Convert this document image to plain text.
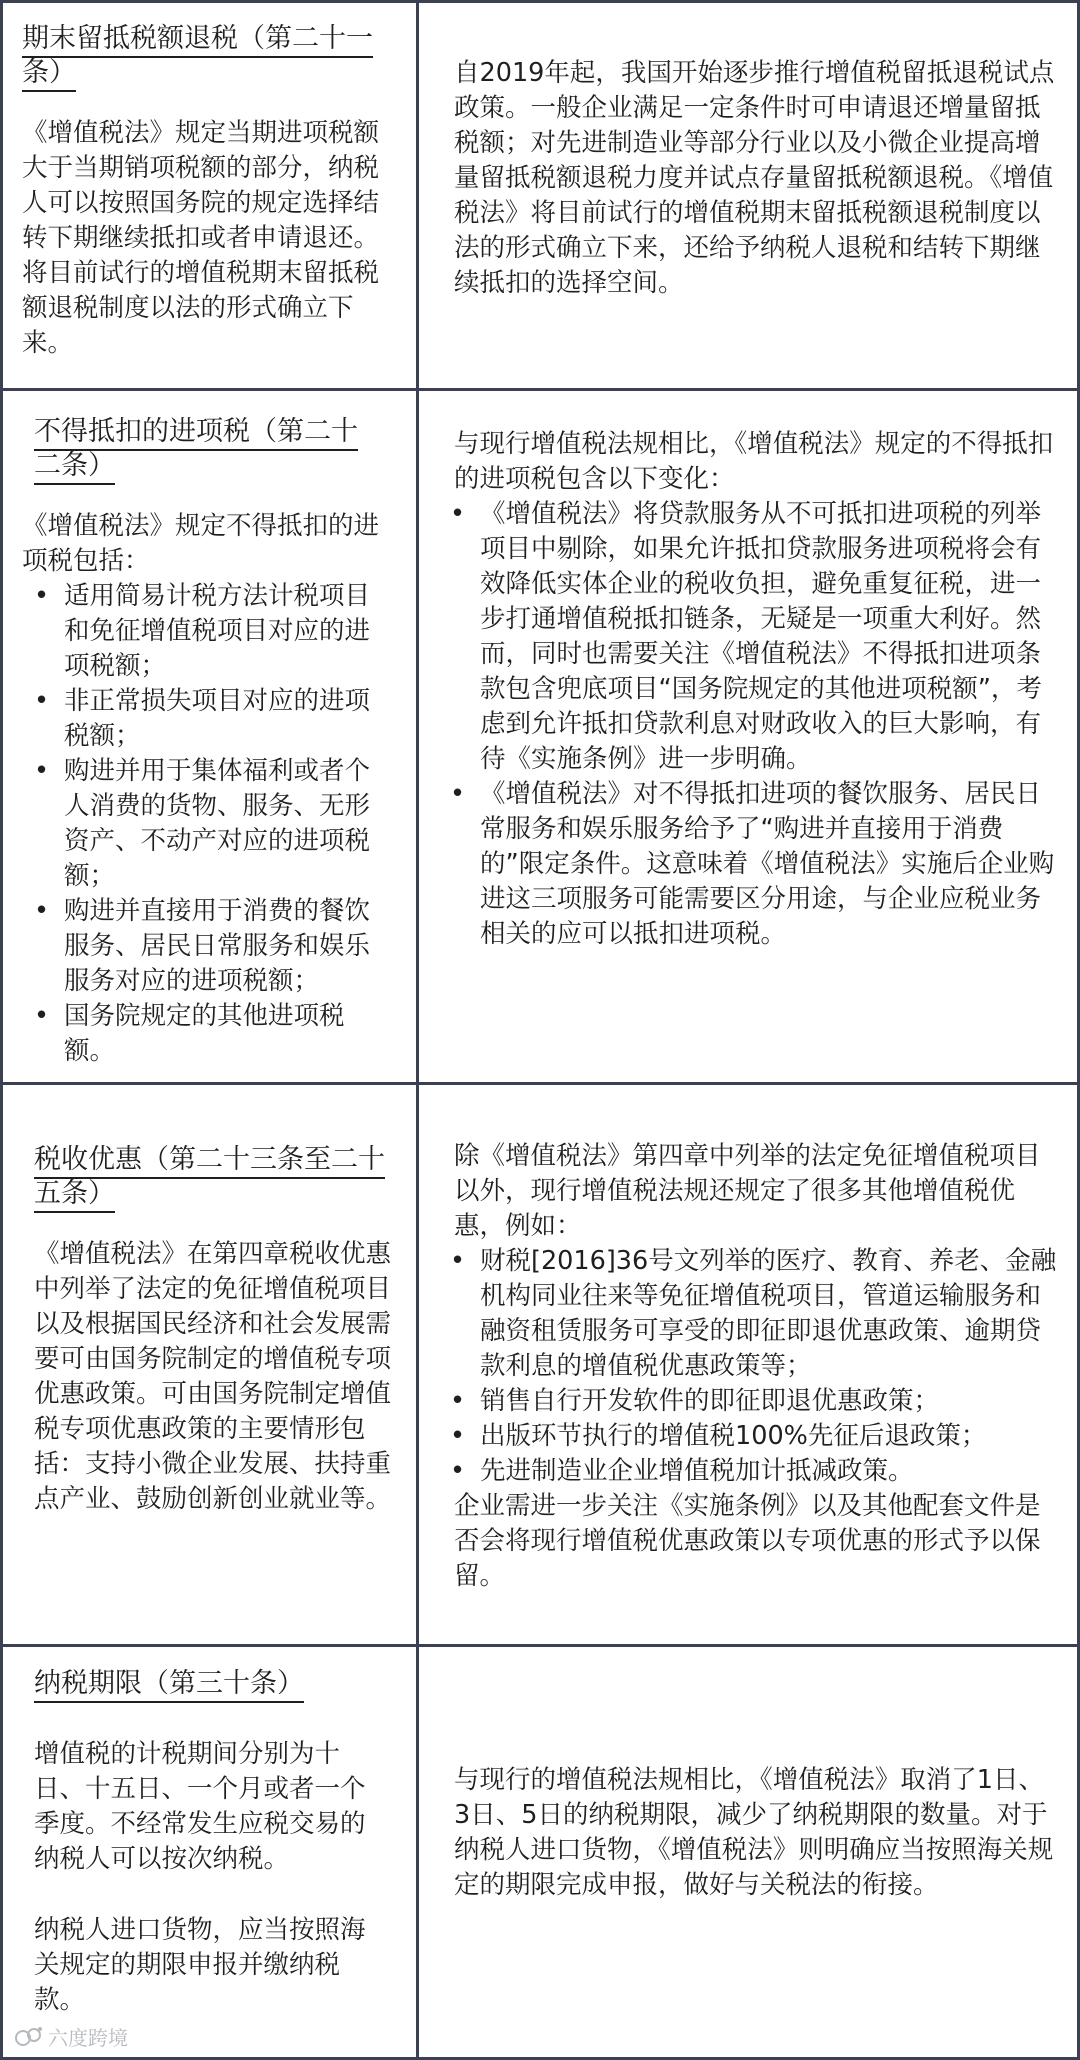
期末留抵税额退税（第二十一条）

《增值税法》规定当期进项税额大于当期销项税额的部分，纳税人可以按照国务院的规定选择结转下期继续抵扣或者申请退还。将目前试行的增值税期末留抵税额退税制度以法的形式确立下来。

自2019年起，我国开始逐步推行增值税留抵退税试点政策。一般企业满足一定条件时可申请退还增量留抵税额；对先进制造业等部分行业以及小微企业提高增量留抵税额退税力度并试点存量留抵税额退税。《增值税法》将目前试行的增值税期末留抵税额退税制度以法的形式确立下来，还给予纳税人退税和结转下期继续抵扣的选择空间。

不得抵扣的进项税（第二十二条）

《增值税法》规定不得抵扣的进项税包括：

• 适用简易计税方法计税项目和免征增值税项目对应的进项税额；
• 非正常损失项目对应的进项税额；
• 购进并用于集体福利或者个人消费的货物、服务、无形资产、不动产对应的进项税额；
• 购进并直接用于消费的餐饮服务、居民日常服务和娱乐服务对应的进项税额；
• 国务院规定的其他进项税额。

与现行增值税法规相比，《增值税法》规定的不得抵扣的进项税包含以下变化：

• 《增值税法》将贷款服务从不可抵扣进项税的列举项目中剔除，如果允许抵扣贷款服务进项税将会有效降低实体企业的税收负担，避免重复征税，进一步打通增值税抵扣链条，无疑是一项重大利好。然而，同时也需要关注《增值税法》不得抵扣进项条款包含兜底项目“国务院规定的其他进项税额”，考虑到允许抵扣贷款利息对财政收入的巨大影响，有待《实施条例》进一步明确。
• 《增值税法》对不得抵扣进项的餐饮服务、居民日常服务和娱乐服务给予了“购进并直接用于消费的”限定条件。这意味着《增值税法》实施后企业购进这三项服务可能需要区分用途，与企业应税业务相关的应可以抵扣进项税。
税收优惠（第二十三条至二十五条）

《增值税法》在第四章税收优惠中列举了法定的免征增值税项目以及根据国民经济和社会发展需要可由国务院制定的增值税专项优惠政策。可由国务院制定增值税专项优惠政策的主要情形包括：支持小微企业发展、扶持重点产业、鼓励创新创业就业等。

除《增值税法》第四章中列举的法定免征增值税项目以外，现行增值税法规还规定了很多其他增值税优惠，例如：

• 财税[2016]36号文列举的医疗、教育、养老、金融机构同业往来等免征增值税项目，管道运输服务和融资租赁服务可享受的即征即退优惠政策、逾期贷款利息的增值税优惠政策等；
• 销售自行开发软件的即征即退优惠政策；
• 出版环节执行的增值税100%先征后退政策；
• 先进制造业企业增值税加计抵减政策。

企业需进一步关注《实施条例》以及其他配套文件是否会将现行增值税优惠政策以专项优惠的形式予以保留。

纳税期限（第三十条）

增值税的计税期间分别为十日、十五日、一个月或者一个季度。不经常发生应税交易的纳税人可以按次纳税。

纳税人进口货物，应当按照海关规定的期限申报并缴纳税款。

与现行的增值税法规相比，《增值税法》取消了1日、3日、5日的纳税期限，减少了纳税期限的数量。对于纳税人进口货物，《增值税法》则明确应当按照海关规定的期限完成申报，做好与关税法的衔接。

六度跨境
